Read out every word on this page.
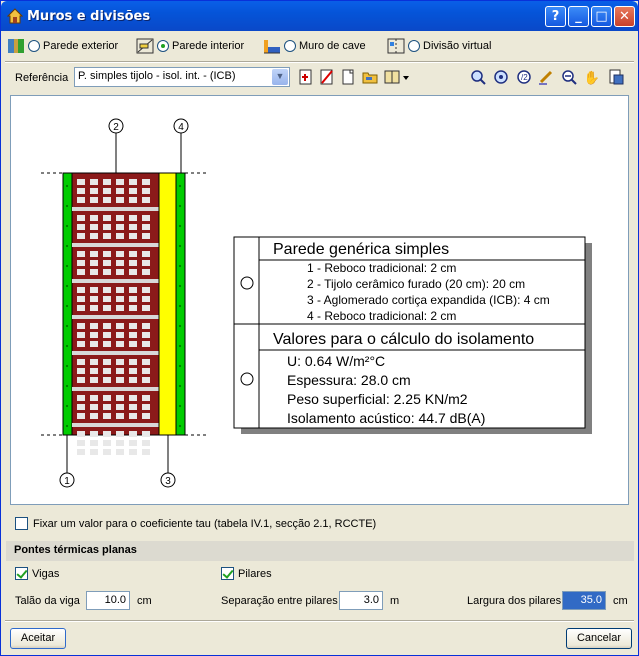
Muros e divisões	?	_	□ ✕
Parede exterior	Parede interior	Muro de cave	Divisão virtual
Referência P. simples tijolo - isol. int. - (ICB)	▼	/2	✋
2	4
1	3
Parede genérica simples
1 - Reboco tradicional: 2 cm
2 - Tijolo cerâmico furado (20 cm): 20 cm
3 - Aglomerado cortiça expandida (ICB): 4 cm
4 - Reboco tradicional: 2 cm
Valores para o cálculo do isolamento
U: 0.64 W/m²°C
Espessura: 28.0 cm
Peso superficial: 2.25 KN/m2
Isolamento acústico: 44.7 dB(A)
Fixar um valor para o coeficiente tau (tabela IV.1, secção 2.1, RCCTE)
Pontes térmicas planas
Vigas	Pilares
Talão da viga	10.0	cm	Separação entre pilares	3.0	m	Largura dos pilares	35.0	cm
Aceitar	Cancelar
